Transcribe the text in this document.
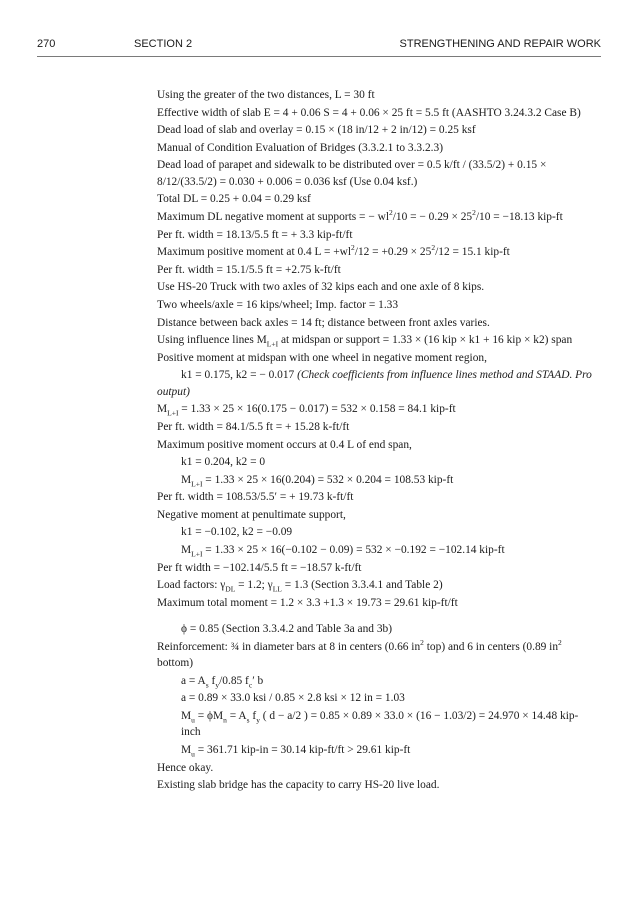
270	SECTION 2	STRENGTHENING AND REPAIR WORK

Using the greater of the two distances, L = 30 ft

Effective width of slab E = 4 + 0.06 S = 4 + 0.06 × 25 ft = 5.5 ft (AASHTO 3.24.3.2 Case B)

Dead load of slab and overlay = 0.15 × (18 in/12 + 2 in/12) = 0.25 ksf

Manual of Condition Evaluation of Bridges (3.3.2.1 to 3.3.2.3)

Dead load of parapet and sidewalk to be distributed over = 0.5 k/ft / (33.5/2) + 0.15 × 8/12/(33.5/2) = 0.030 + 0.006 = 0.036 ksf (Use 0.04 ksf.)

Total DL = 0.25 + 0.04 = 0.29 ksf

Maximum DL negative moment at supports = − $wl^2/10$ = − $0.29 \times 25^2/10 = -18.13$ kip-ft

Per ft. width = 18.13/5.5 ft = + 3.3 kip-ft/ft

Maximum positive moment at 0.4 $L = +wl^2/12 = +0.29 \times 25^2/12 = 15.1$ kip-ft

Per ft. width = 15.1/5.5 ft = +2.75 k-ft/ft

Use HS-20 Truck with two axles of 32 kips each and one axle of 8 kips.

Two wheels/axle = 16 kips/wheel; Imp. factor = 1.33

Distance between back axles = 14 ft; distance between front axles varies.

Using influence lines $M_{L+I}$ at midspan or support = 1.33 × (16 kip × k1 + 16 kip × k2) span

Positive moment at midspan with one wheel in negative moment region,

k1 = 0.175, k2 = − 0.017 (Check coefficients from influence lines method and STAAD. Pro output)

$M_{L+I} = 1.33 \times 25 \times 16(0.175 - 0.017) = 532 \times 0.158 = 84.1$ kip-ft

Per ft. width = 84.1/5.5 ft = + 15.28 k-ft/ft

Maximum positive moment occurs at 0.4 L of end span,

k1 = 0.204, k2 = 0

$M_{L+I} = 1.33 \times 25 \times 16(0.204) = 532 \times 0.204 = 108.53$ kip-ft

Per ft. width = 108.53/5.5′ = + 19.73 k-ft/ft

Negative moment at penultimate support,

k1 = −0.102, k2 = −0.09

$M_{L+I} = 1.33 \times 25 \times 16(-0.102 - 0.09) = 532 \times -0.192 = -102.14$ kip-ft

Per ft width = −102.14/5.5 ft = −18.57 k-ft/ft

Load factors: $\gamma_{DL} = 1.2$; $\gamma_{LL} = 1.3$ (Section 3.3.4.1 and Table 2)

Maximum total moment = 1.2 × 3.3 +1.3 × 19.73 = 29.61 kip-ft/ft

ϕ = 0.85 (Section 3.3.4.2 and Table 3a and 3b)

Reinforcement: ¾ in diameter bars at 8 in centers (0.66 $in^2$ top) and 6 in centers (0.89 $in^2$ bottom)

$a = A_s$ $f_y/0.85$ $f_c'$ b

a = 0.89 × 33.0 ksi / 0.85 × 2.8 ksi × 12 in = 1.03

$M_u = \phi M_n = A_s$ $f_y$ ( d − a/2 ) = 0.85 × 0.89 × 33.0 × (16 − 1.03/2) = 24.970 × 14.48 kip-inch

$M_u = 361.71$ kip-in = 30.14 kip-ft/ft > 29.61 kip-ft

Hence okay.

Existing slab bridge has the capacity to carry HS-20 live load.
